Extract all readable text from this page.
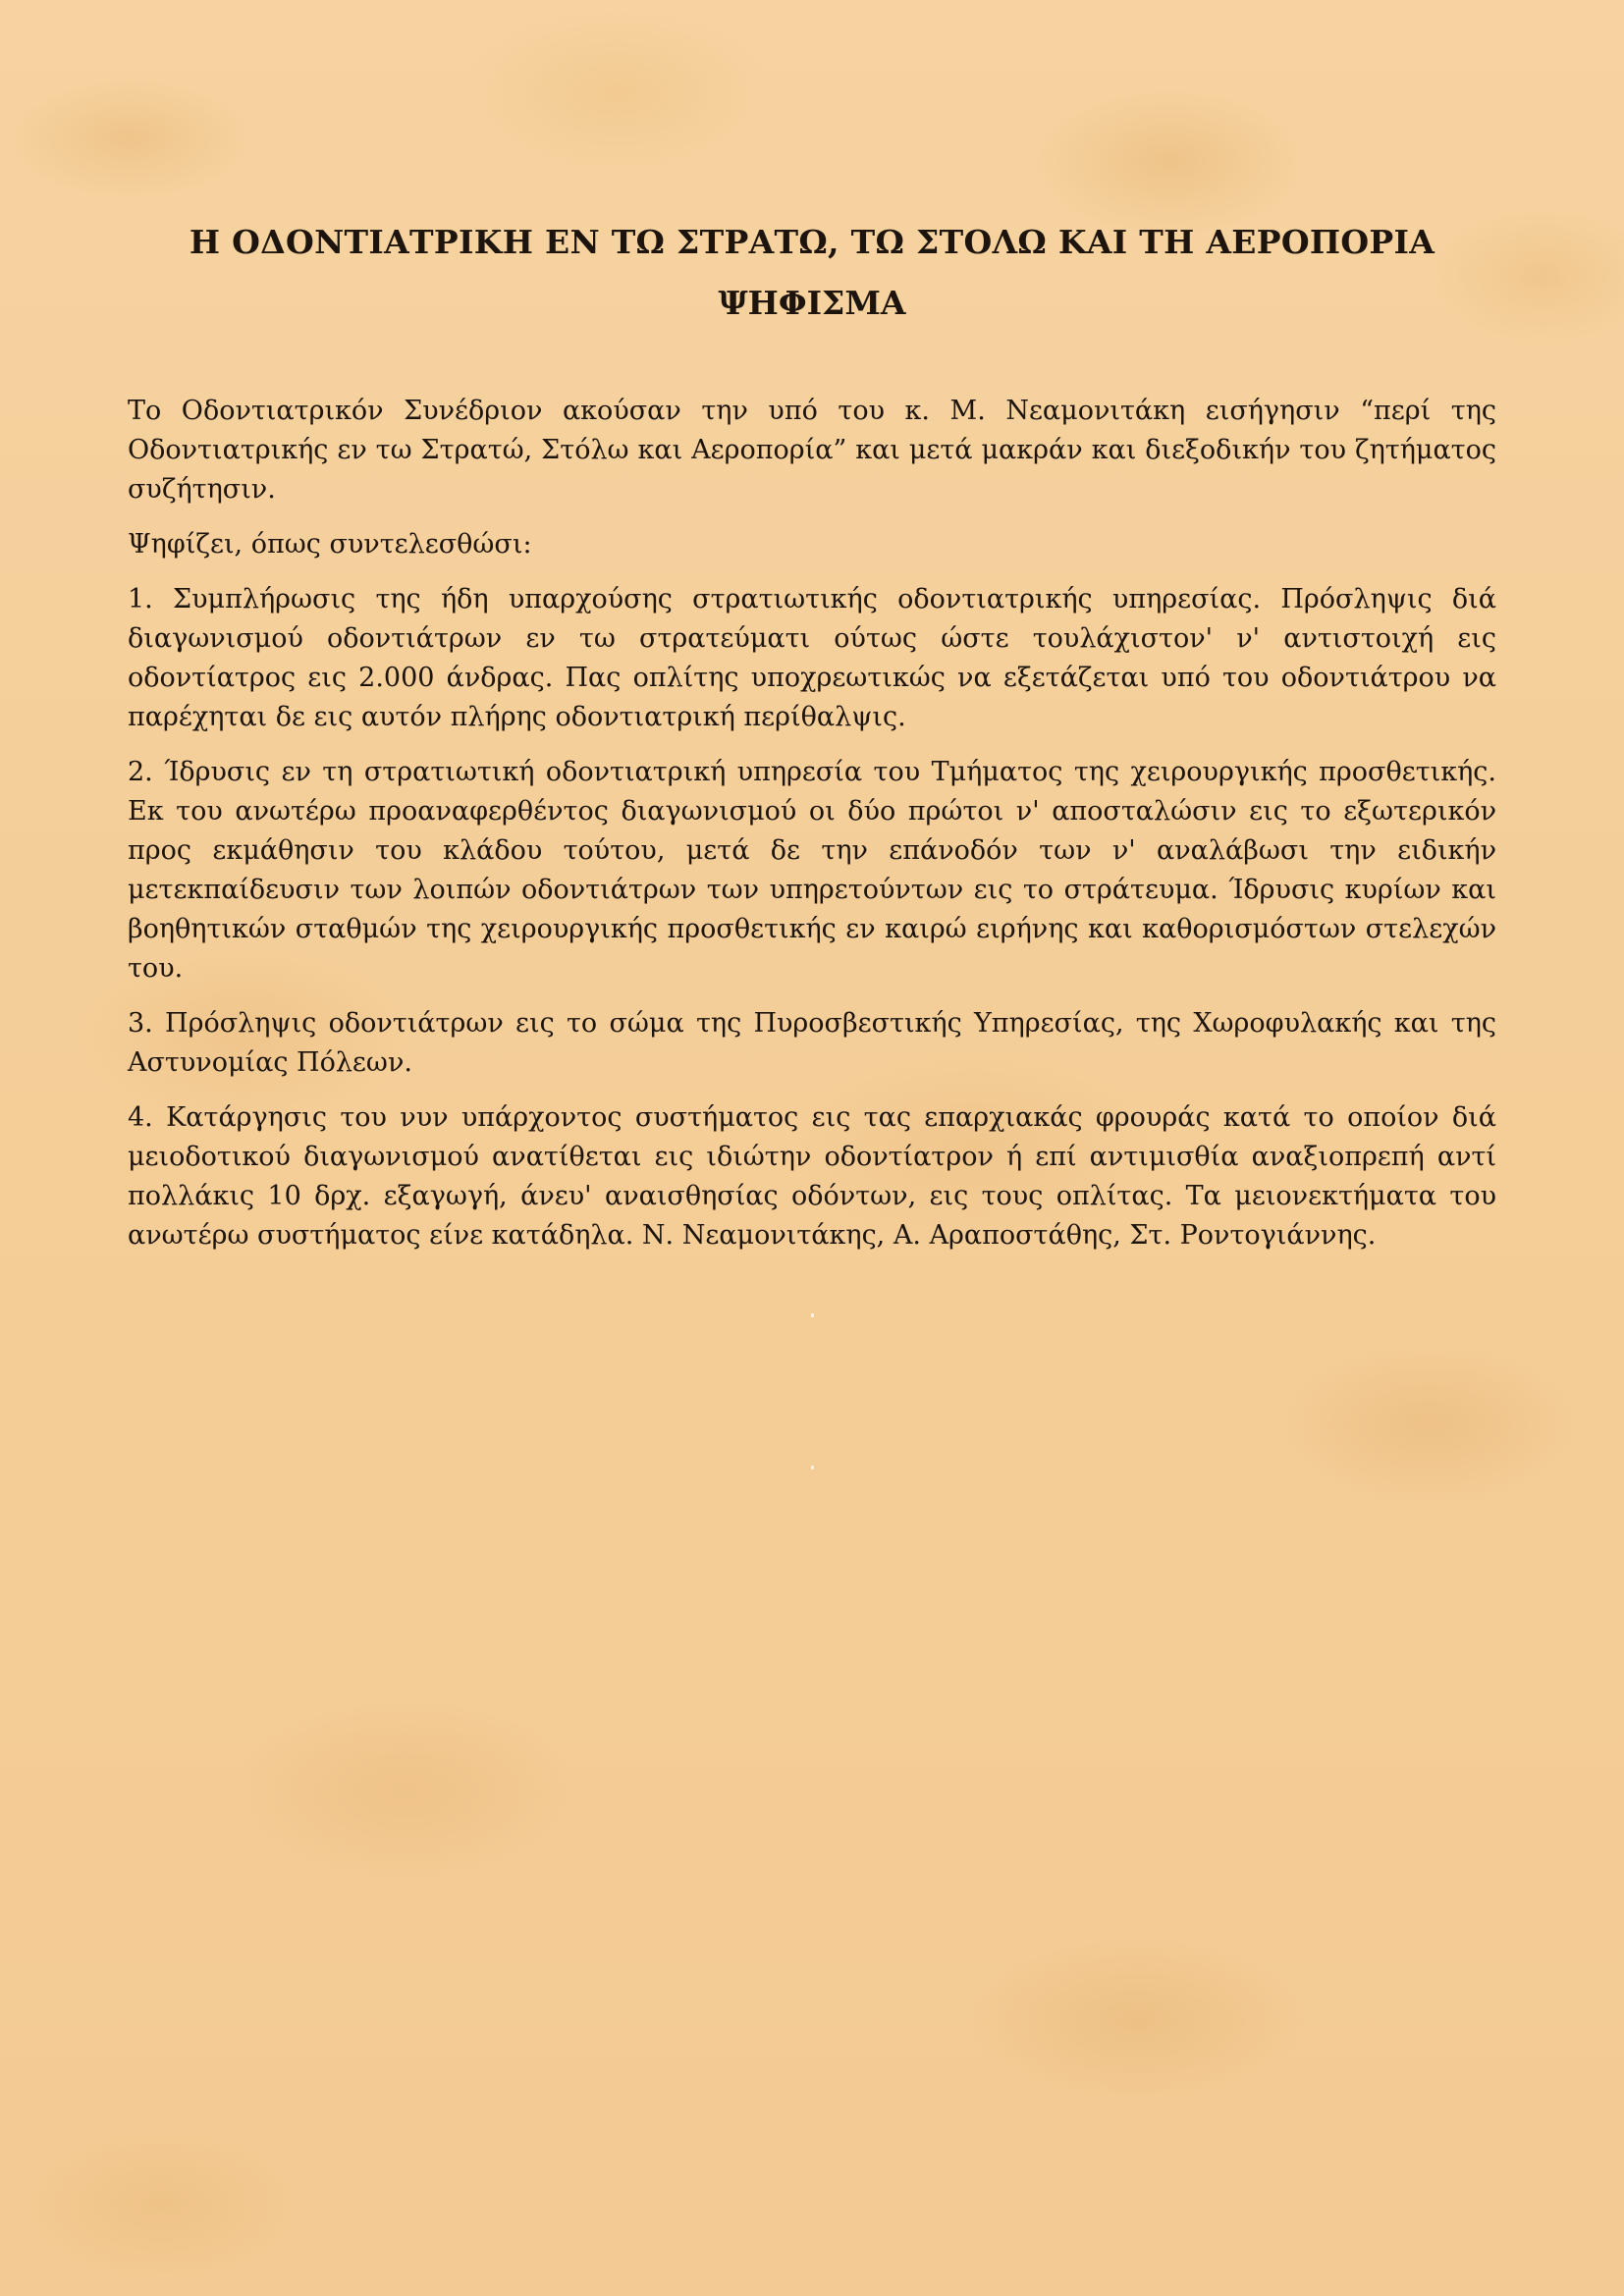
Η ΟΔΟΝΤΙΑΤΡΙΚΗ ΕΝ ΤΩ ΣΤΡΑΤΩ, ΤΩ ΣΤΟΛΩ ΚΑΙ ΤΗ ΑΕΡΟΠΟΡΙΑ
ΨΗΦΙΣΜΑ

Το Οδοντιατρικόν Συνέδριον ακούσαν την υπό του κ. Μ. Νεαμονιτάκη εισήγησιν “περί της Οδοντιατρικής εν τω Στρατώ, Στόλω και Αεροπορία” και μετά μακράν και διεξοδικήν του ζητήματος συζήτησιν.

Ψηφίζει, όπως συντελεσθώσι:

1. Συμπλήρωσις της ήδη υπαρχούσης στρατιωτικής οδοντιατρικής υπηρεσίας. Πρόσληψις διά διαγωνισμού οδοντιάτρων εν τω στρατεύματι ούτως ώστε τουλάχιστον' ν' αντιστοιχή εις οδοντίατρος εις 2.000 άνδρας. Πας οπλίτης υποχρεωτικώς να εξετάζεται υπό του οδοντιάτρου να παρέχηται δε εις αυτόν πλήρης οδοντιατρική περίθαλψις.

2. Ίδρυσις εν τη στρατιωτική οδοντιατρική υπηρεσία του Τμήματος της χειρουργικής προσθετικής. Εκ του ανωτέρω προαναφερθέντος διαγωνισμού οι δύο πρώτοι ν' αποσταλώσιν εις το εξωτερικόν προς εκμάθησιν του κλάδου τούτου, μετά δε την επάνοδόν των ν' αναλάβωσι την ειδικήν μετεκπαίδευσιν των λοιπών οδοντιάτρων των υπηρετούντων εις το στράτευμα. Ίδρυσις κυρίων και βοηθητικών σταθμών της χειρουργικής προσθετικής εν καιρώ ειρήνης και καθορισμόστων στελεχών του.

3. Πρόσληψις οδοντιάτρων εις το σώμα της Πυροσβεστικής Υπηρεσίας, της Χωροφυλακής και της Αστυνομίας Πόλεων.

4. Κατάργησις του νυν υπάρχοντος συστήματος εις τας επαρχιακάς φρουράς κατά το οποίον διά μειοδοτικού διαγωνισμού ανατίθεται εις ιδιώτην οδοντίατρον ή επί αντιμισθία αναξιοπρεπή αντί πολλάκις 10 δρχ. εξαγωγή, άνευ' αναισθησίας οδόντων, εις τους οπλίτας. Τα μειονεκτήματα του ανωτέρω συστήματος είνε κατάδηλα. Ν. Νεαμονιτάκης, Α. Αραποστάθης, Στ. Ροντογιάννης.
